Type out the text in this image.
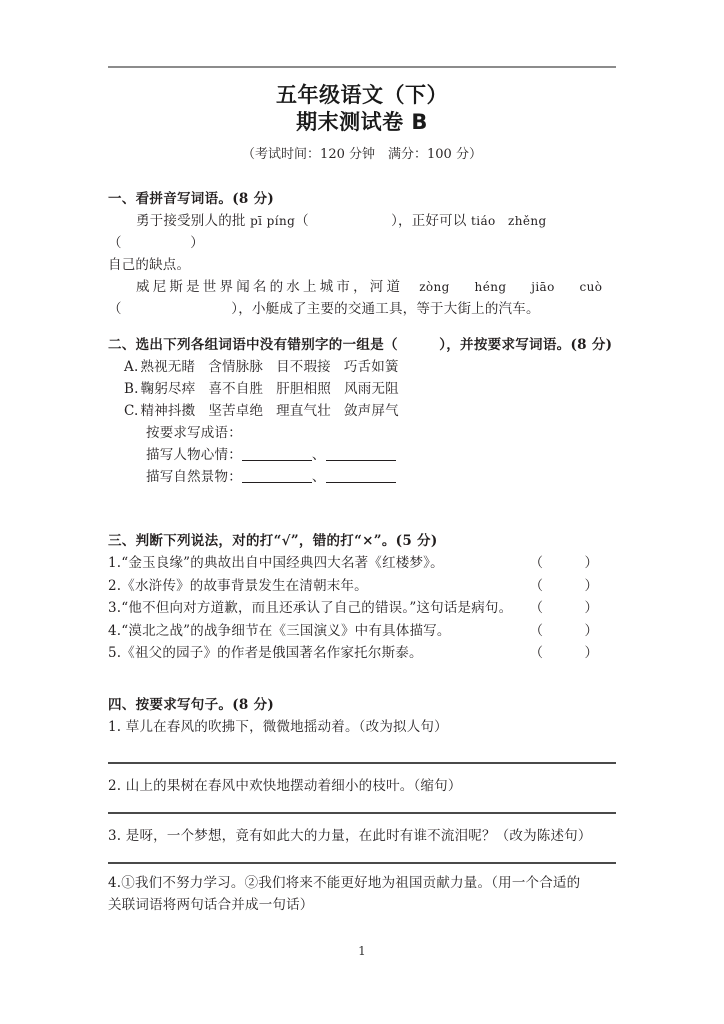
五年级语文（下）
期末测试卷 B
（考试时间：120 分钟　满分：100 分）
一、看拼音写词语。(8 分)
勇于接受别人的批 pī píng（　　　　　　），正好可以 tiáo　zhěng（　　　　　）
自己的缺点。
威尼斯是世界闻名的水上城市，河道 zòng　　héng　　jiāo　　cuò
（　　　　　　　　），小艇成了主要的交通工具，等于大街上的汽车。
二、选出下列各组词语中没有错别字的一组是（　　　），并按要求写词语。(8 分)
A. 熟视无睹 含情脉脉 目不瑕接 巧舌如簧
B. 鞠躬尽瘁 喜不自胜 肝胆相照 风雨无阻
C. 精神抖擞 坚苦卓绝 理直气壮 敛声屏气
按要求写成语：
描写人物心情：	、
描写自然景物：	、
三、判断下列说法，对的打“√”，错的打“×”。(5 分)
1.“金玉良缘”的典故出自中国经典四大名著《红楼梦》。	（　）
2.《水浒传》的故事背景发生在清朝末年。	（　）
3.“他不但向对方道歉，而且还承认了自己的错误。”这句话是病句。 （　）
4.“漠北之战”的战争细节在《三国演义》中有具体描写。	（　）
5.《祖父的园子》的作者是俄国著名作家托尔斯泰。	（　）
四、按要求写句子。(8 分)
1. 草儿在春风的吹拂下，微微地摇动着。（改为拟人句）
2. 山上的果树在春风中欢快地摆动着细小的枝叶。（缩句）
3. 是呀，一个梦想，竟有如此大的力量，在此时有谁不流泪呢？（改为陈述句）
4.①我们不努力学习。②我们将来不能更好地为祖国贡献力量。（用一个合适的
关联词语将两句话合并成一句话）
1
